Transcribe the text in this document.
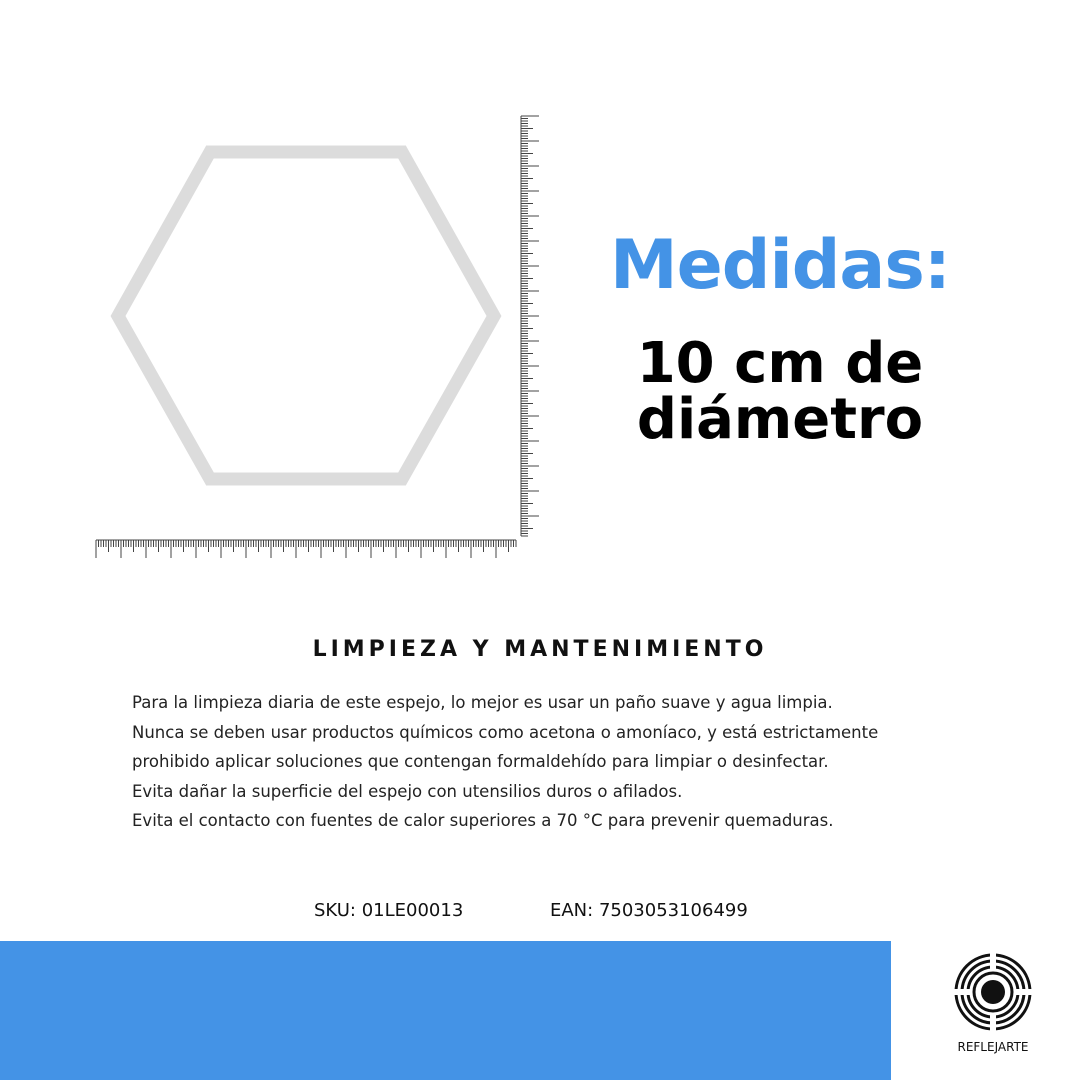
Medidas:
10 cm de diámetro
LIMPIEZA Y MANTENIMIENTO
Para la limpieza diaria de este espejo, lo mejor es usar un paño suave y agua limpia.
Nunca se deben usar productos químicos como acetona o amoníaco, y está estrictamente
prohibido aplicar soluciones que contengan formaldehído para limpiar o desinfectar.
Evita dañar la superficie del espejo con utensilios duros o afilados.
Evita el contacto con fuentes de calor superiores a 70 °C para prevenir quemaduras.
SKU: 01LE00013	EAN: 7503053106499
REFLEJARTE
